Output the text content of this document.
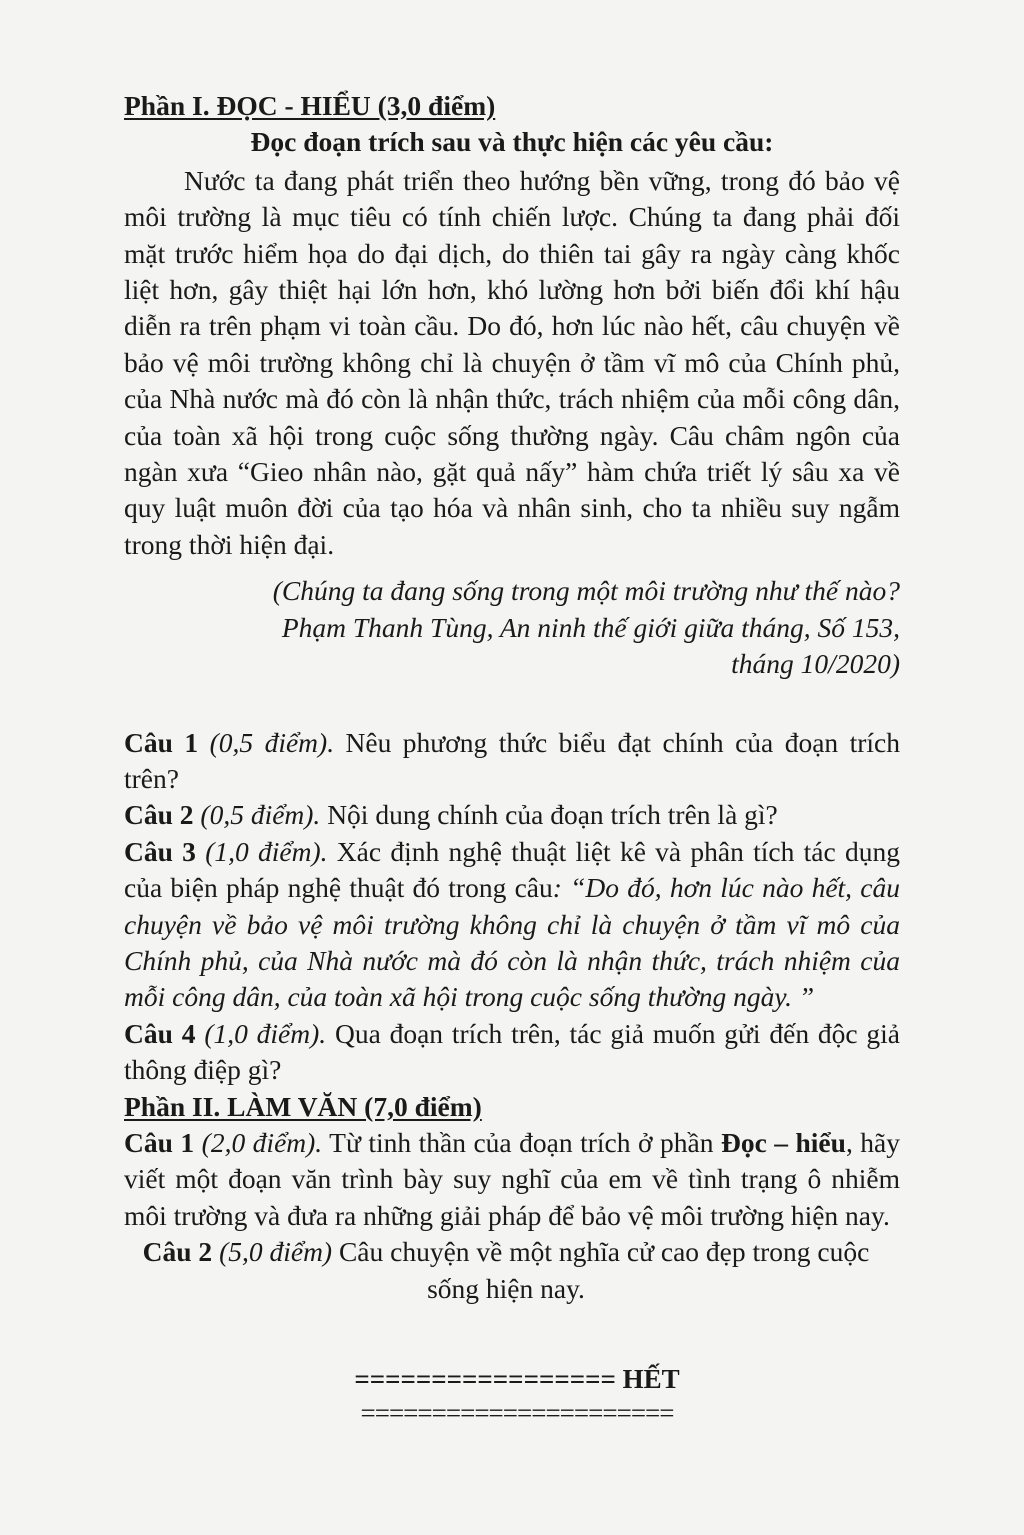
Phần I. ĐỌC - HIỂU (3,0 điểm)

Đọc đoạn trích sau và thực hiện các yêu cầu:

Nước ta đang phát triển theo hướng bền vững, trong đó bảo vệ môi trường là mục tiêu có tính chiến lược. Chúng ta đang phải đối mặt trước hiểm họa do đại dịch, do thiên tai gây ra ngày càng khốc liệt hơn, gây thiệt hại lớn hơn, khó lường hơn bởi biến đổi khí hậu diễn ra trên phạm vi toàn cầu. Do đó, hơn lúc nào hết, câu chuyện về bảo vệ môi trường không chỉ là chuyện ở tầm vĩ mô của Chính phủ, của Nhà nước mà đó còn là nhận thức, trách nhiệm của mỗi công dân, của toàn xã hội trong cuộc sống thường ngày. Câu châm ngôn của ngàn xưa “Gieo nhân nào, gặt quả nấy” hàm chứa triết lý sâu xa về quy luật muôn đời của tạo hóa và nhân sinh, cho ta nhiều suy ngẫm trong thời hiện đại.

(Chúng ta đang sống trong một môi trường như thế nào?
Phạm Thanh Tùng, An ninh thế giới giữa tháng, Số 153,
tháng 10/2020)

Câu 1 (0,5 điểm). Nêu phương thức biểu đạt chính của đoạn trích trên?

Câu 2 (0,5 điểm). Nội dung chính của đoạn trích trên là gì?

Câu 3 (1,0 điểm). Xác định nghệ thuật liệt kê và phân tích tác dụng của biện pháp nghệ thuật đó trong câu: “Do đó, hơn lúc nào hết, câu chuyện về bảo vệ môi trường không chỉ là chuyện ở tầm vĩ mô của Chính phủ, của Nhà nước mà đó còn là nhận thức, trách nhiệm của mỗi công dân, của toàn xã hội trong cuộc sống thường ngày. ”

Câu 4 (1,0 điểm). Qua đoạn trích trên, tác giả muốn gửi đến độc giả thông điệp gì?

Phần II. LÀM VĂN (7,0 điểm)

Câu 1 (2,0 điểm). Từ tinh thần của đoạn trích ở phần Đọc – hiểu, hãy viết một đoạn văn trình bày suy nghĩ của em về tình trạng ô nhiễm môi trường và đưa ra những giải pháp để bảo vệ môi trường hiện nay.

Câu 2 (5,0 điểm) Câu chuyện về một nghĩa cử cao đẹp trong cuộc sống hiện nay.

================= HẾT
======================
